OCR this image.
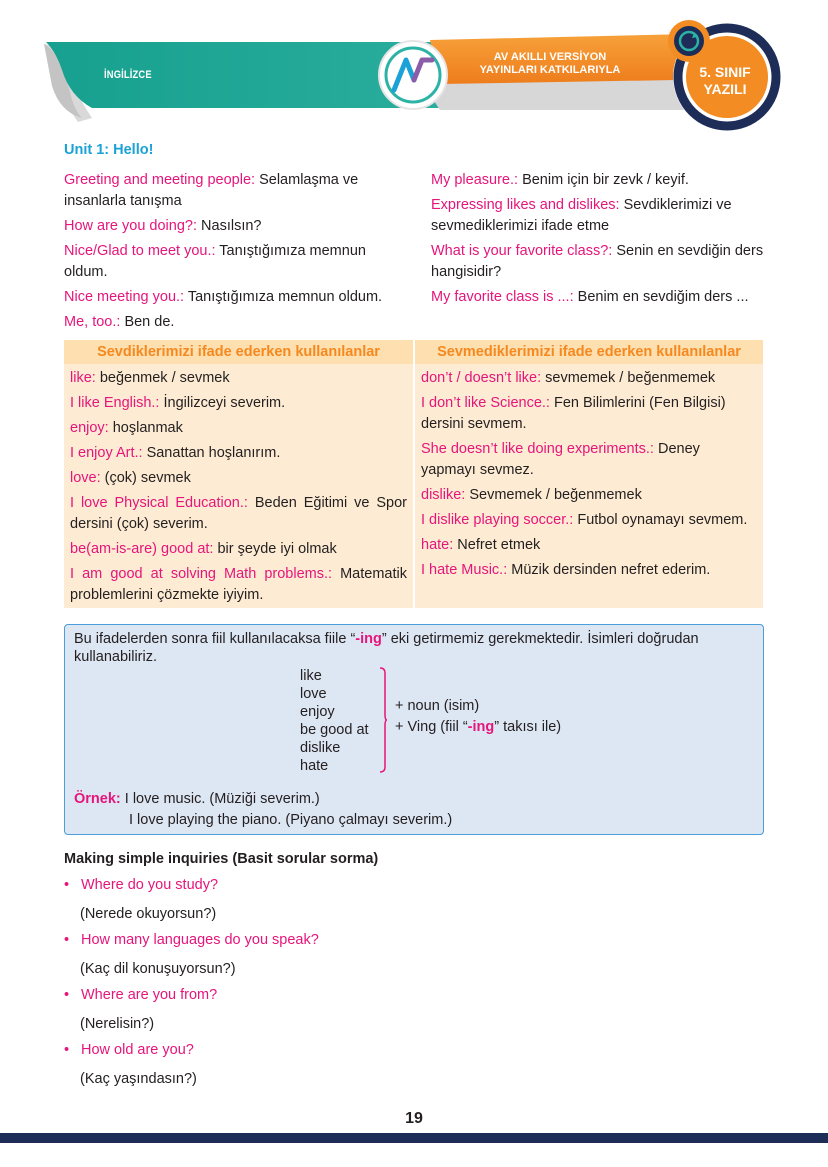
İNGİLİZCE
AV AKILLI VERSİYON
YAYINLARI KATKILARIYLA	5. SINIF
YAZILI
Unit 1: Hello!

Greeting and meeting people: Selamlaşma ve insanlarla tanışma

How are you doing?: Nasılsın?

Nice/Glad to meet you.: Tanıştığımıza memnun oldum.

Nice meeting you.: Tanıştığımıza memnun oldum.

Me, too.: Ben de.

My pleasure.: Benim için bir zevk / keyif.

Expressing likes and dislikes: Sevdiklerimizi ve sevmediklerimizi ifade etme

What is your favorite class?: Senin en sevdiğin ders hangisidir?

My favorite class is ...: Benim en sevdiğim ders ...

Sevdiklerimizi ifade ederken kullanılanlar

like: beğenmek / sevmek

I like English.: İngilizceyi severim.

enjoy: hoşlanmak

I enjoy Art.: Sanattan hoşlanırım.

love: (çok) sevmek

I love Physical Education.: Beden Eğitimi ve Spor dersini (çok) severim.

be(am-is-are) good at: bir şeyde iyi olmak

I am good at solving Math problems.: Matematik problemlerini çözmekte iyiyim.

Sevmediklerimizi ifade ederken kullanılanlar

don’t / doesn’t like: sevmemek / beğenmemek

I don’t like Science.: Fen Bilimlerini (Fen Bilgisi) dersini sevmem.

She doesn’t like doing experiments.: Deney yapmayı sevmez.

dislike: Sevmemek / beğenmemek

I dislike playing soccer.: Futbol oynamayı sevmem.

hate: Nefret etmek

I hate Music.: Müzik dersinden nefret ederim.

Bu ifadelerden sonra fiil kullanılacaksa fiile “-ing” eki getirmemiz gerekmektedir. İsimleri doğrudan kullanabiliriz.
like
love
enjoy
be good at
dislike
hate
+ noun (isim)
+ Ving (fiil “-ing” takısı ile)
Örnek: I love music. (Müziği severim.)
I love playing the piano. (Piyano çalmayı severim.)
Making simple inquiries (Basit sorular sorma)
• Where do you study?
(Nerede okuyorsun?)
• How many languages do you speak?
(Kaç dil konuşuyorsun?)
• Where are you from?
(Nerelisin?)
• How old are you?
(Kaç yaşındasın?)
19
